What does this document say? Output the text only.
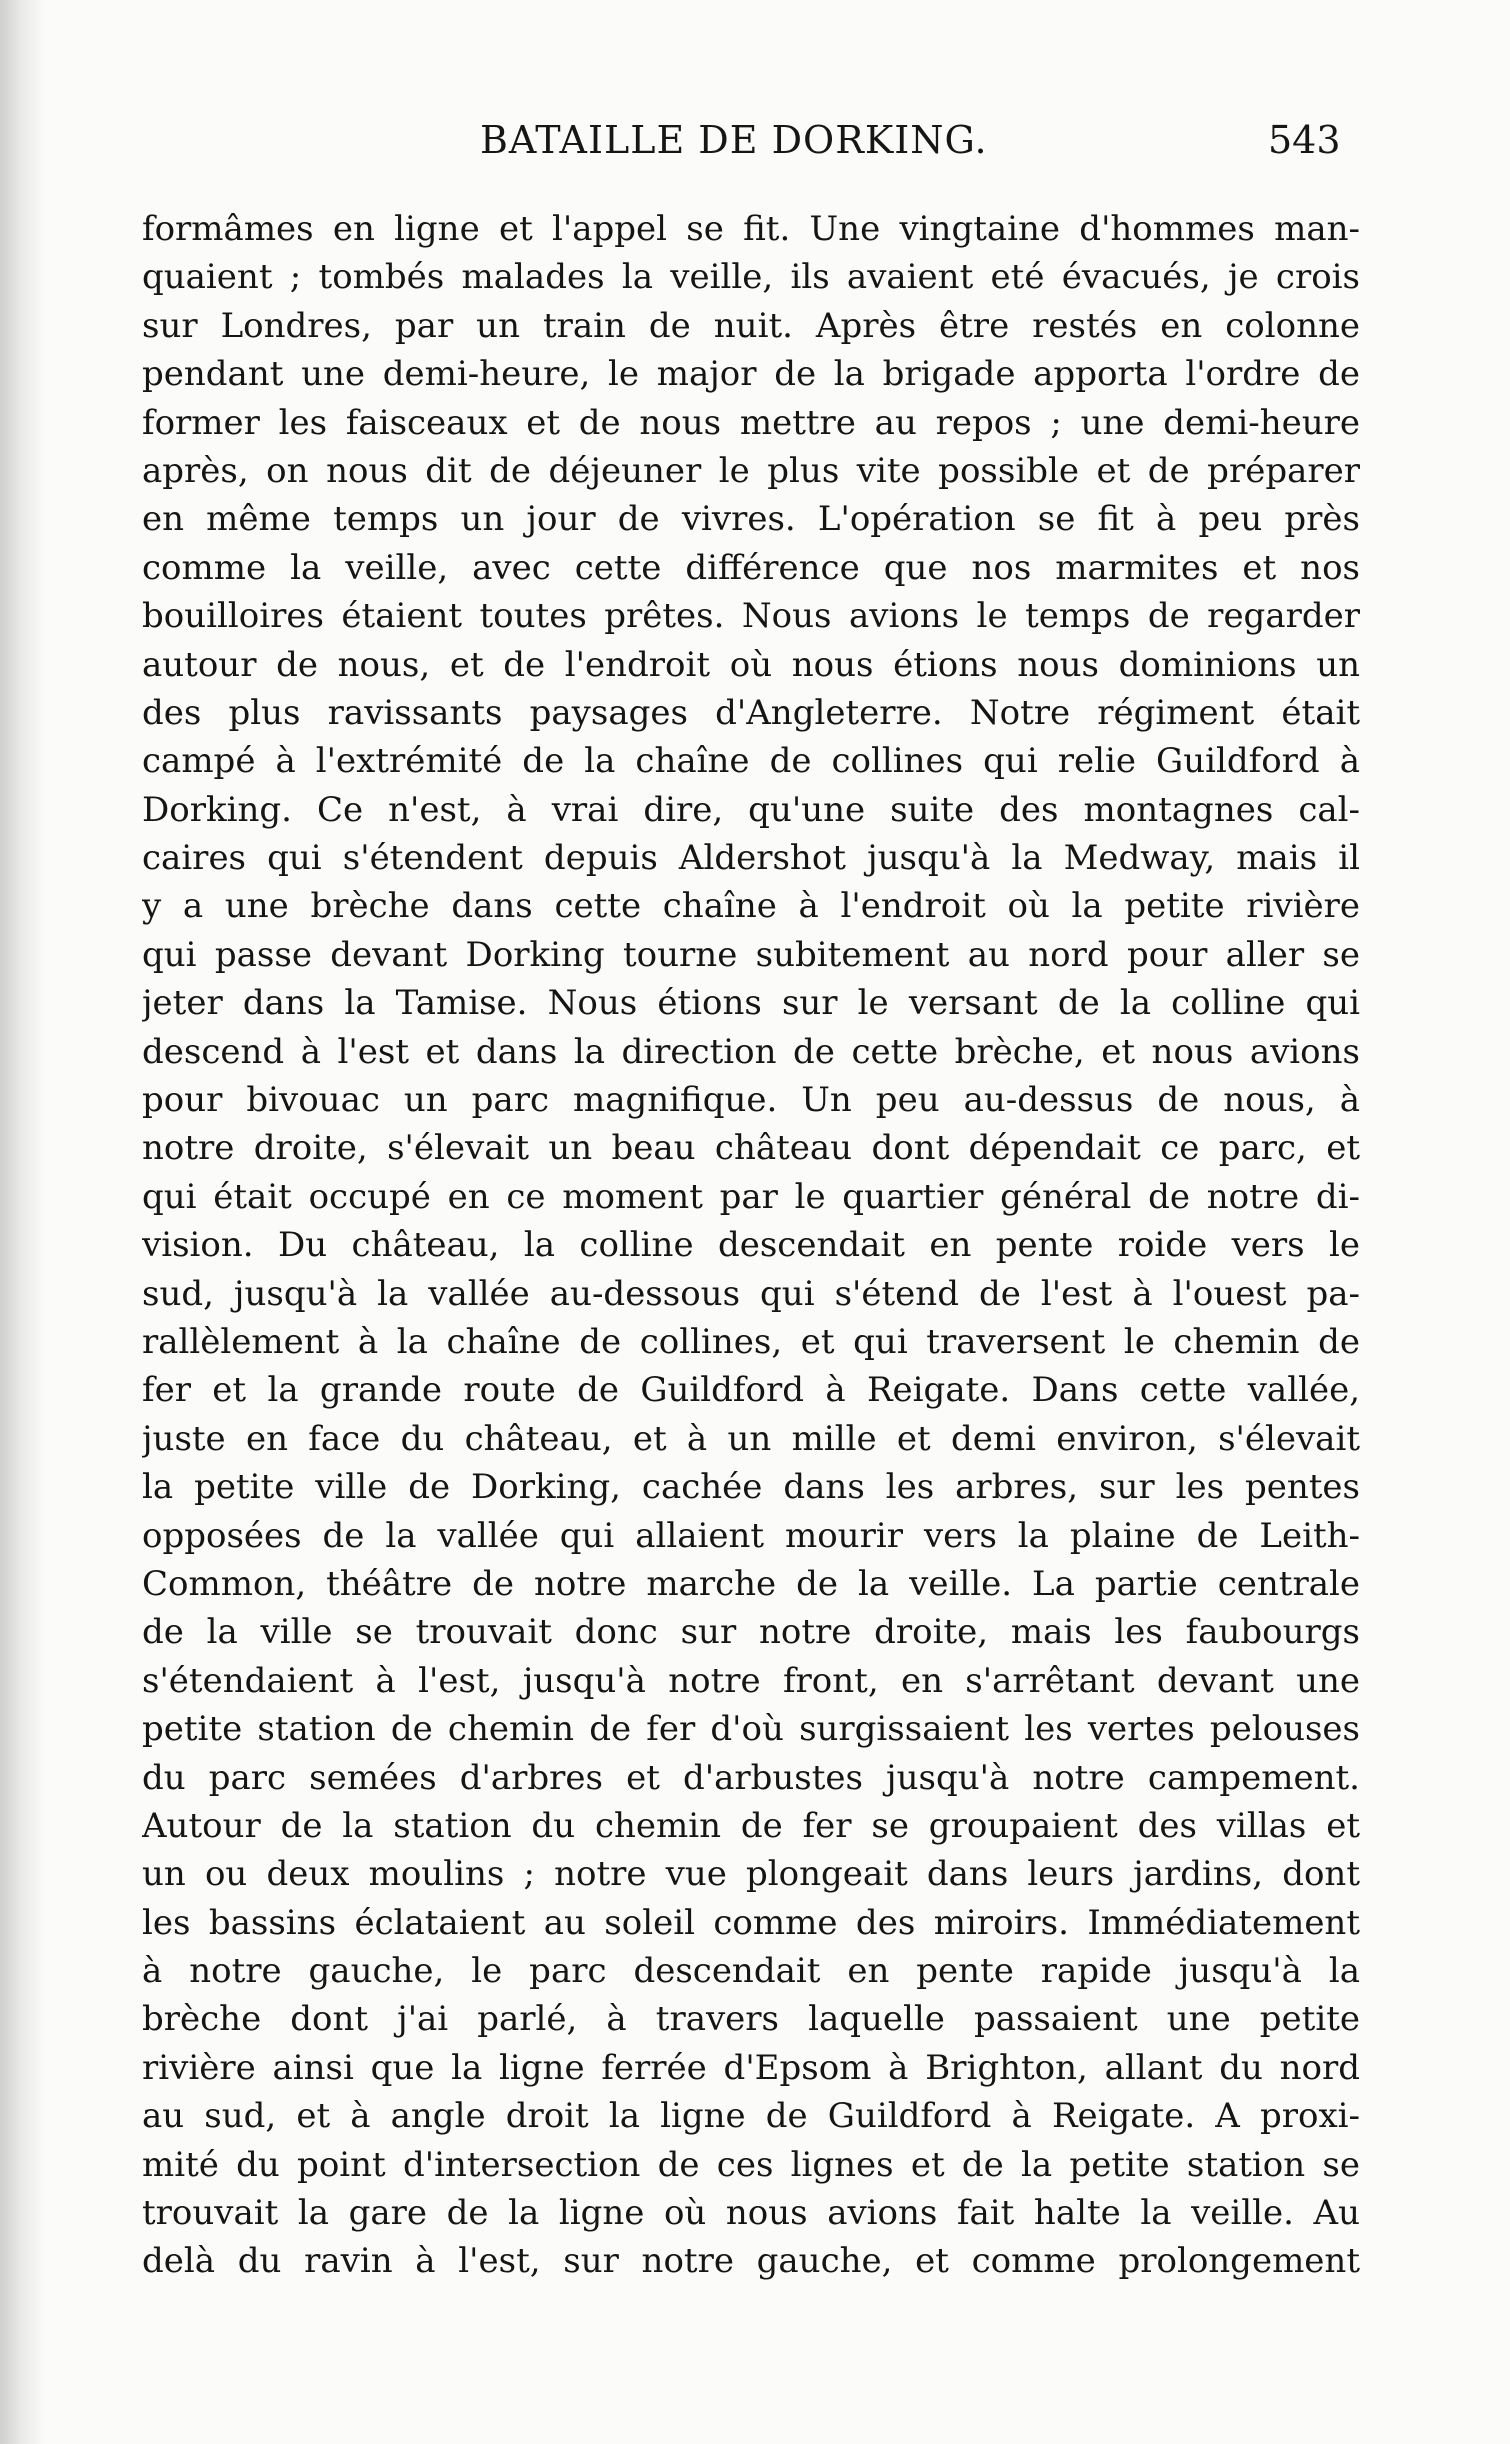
BATAILLE DE DORKING.	543
formâmes en ligne et l'appel se fit. Une vingtaine d'hommes man-
quaient ; tombés malades la veille, ils avaient eté évacués, je crois
sur Londres, par un train de nuit. Après être restés en colonne
pendant une demi-heure, le major de la brigade apporta l'ordre de
former les faisceaux et de nous mettre au repos ; une demi-heure
après, on nous dit de déjeuner le plus vite possible et de préparer
en même temps un jour de vivres. L'opération se fit à peu près
comme la veille, avec cette différence que nos marmites et nos
bouilloires étaient toutes prêtes. Nous avions le temps de regarder
autour de nous, et de l'endroit où nous étions nous dominions un
des plus ravissants paysages d'Angleterre. Notre régiment était
campé à l'extrémité de la chaîne de collines qui relie Guildford à
Dorking. Ce n'est, à vrai dire, qu'une suite des montagnes cal-
caires qui s'étendent depuis Aldershot jusqu'à la Medway, mais il
y a une brèche dans cette chaîne à l'endroit où la petite rivière
qui passe devant Dorking tourne subitement au nord pour aller se
jeter dans la Tamise. Nous étions sur le versant de la colline qui
descend à l'est et dans la direction de cette brèche, et nous avions
pour bivouac un parc magnifique. Un peu au-dessus de nous, à
notre droite, s'élevait un beau château dont dépendait ce parc, et
qui était occupé en ce moment par le quartier général de notre di-
vision. Du château, la colline descendait en pente roide vers le
sud, jusqu'à la vallée au-dessous qui s'étend de l'est à l'ouest pa-
rallèlement à la chaîne de collines, et qui traversent le chemin de
fer et la grande route de Guildford à Reigate. Dans cette vallée,
juste en face du château, et à un mille et demi environ, s'élevait
la petite ville de Dorking, cachée dans les arbres, sur les pentes
opposées de la vallée qui allaient mourir vers la plaine de Leith-
Common, théâtre de notre marche de la veille. La partie centrale
de la ville se trouvait donc sur notre droite, mais les faubourgs
s'étendaient à l'est, jusqu'à notre front, en s'arrêtant devant une
petite station de chemin de fer d'où surgissaient les vertes pelouses
du parc semées d'arbres et d'arbustes jusqu'à notre campement.
Autour de la station du chemin de fer se groupaient des villas et
un ou deux moulins ; notre vue plongeait dans leurs jardins, dont
les bassins éclataient au soleil comme des miroirs. Immédiatement
à notre gauche, le parc descendait en pente rapide jusqu'à la
brèche dont j'ai parlé, à travers laquelle passaient une petite
rivière ainsi que la ligne ferrée d'Epsom à Brighton, allant du nord
au sud, et à angle droit la ligne de Guildford à Reigate. A proxi-
mité du point d'intersection de ces lignes et de la petite station se
trouvait la gare de la ligne où nous avions fait halte la veille. Au
delà du ravin à l'est, sur notre gauche, et comme prolongement
